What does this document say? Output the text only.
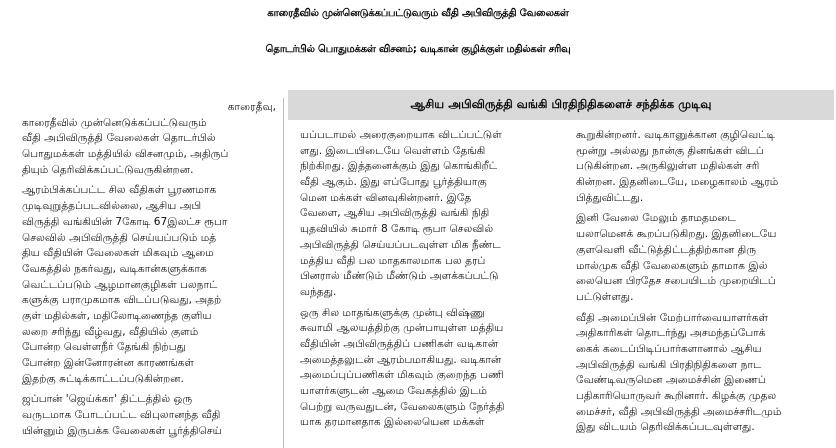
காரைதீவில் முன்னெடுக்கப்பட்டுவரும் வீதி அபிவிருத்தி வேலைகள்
தொடர்பில் பொதுமக்கள் விசனம்; வடிகான் குழிக்குள் மதில்கள் சரிவு
ஆசிய அபிவிருத்தி வங்கி பிரதிநிதிகளைச் சந்திக்க முடிவு
காரைதீவு,
காரைதீவில் முன்னெடுக்கப்பட்டுவரும்
வீதி அபிவிருத்தி வேலைகள் தொடர்பில்
பொதுமக்கள் மத்தியில் விசனமும், அதிருப்
தியும் தெரிவிக்கப்பட்டுவருகின்றன.
ஆரம்பிக்கப்பட்ட சில வீதிகள் பூரணமாக
முடிவுறுத்தப்படவில்லை, ஆசிய அபி
விருத்தி வங்கியின் 7கோடி 67இலட்ச ரூபா
செலவில் அபிவிருத்தி செய்யப்படும் மத்
திய வீதியின் வேலைகள் மிகவும் ஆமை
வேகத்தில் நகர்வது, வடிகான்களுக்காக
வெட்டப்படும் ஆழமானகுழிகள் பலநாட்
களுக்கு பராமுகமாக விடப்படுவது, அதற்
குள் மதில்கள், மதிலோடிணைந்த குளிய
லறை சரிந்து வீழ்வது, வீதியில் குளம்
போன்ற வெள்ளநீர் தேங்கி நிற்பது
போன்ற இன்னோரன்ன காரணங்கள்
இதற்கு சுட்டிக்காட்டப்படுகின்றன.
ஜப்பான் 'ஜெய்க்கா' திட்டத்தில் ஒரு
வருடமாக போடப்பட்ட விபுலானந்த வீதி
யின்னும் இருபக்க வேலைகள் பூர்த்திசெய்
யப்படாமல் அரைகுறையாக விடப்பட்டுள்
ளது. இடையிடையே வெள்ளம் தேங்கி
நிற்கிறது. இத்தனைக்கும் இது கொங்கிறீட்
வீதி ஆகும். இது எப்போது பூர்த்தியாகு
மென மக்கள் வினவுகின்றனர். இதே
வேளை, ஆசிய அபிவிருத்தி வங்கி நிதி
யுதவியில் சுமார் 8 கோடி ரூபா செலவில்
அபிவிருத்தி செய்யப்படவுள்ள மிக நீண்ட
மத்திய வீதி பல மாதகாலமாக பல தரப்
பினரால் மீண்டும் மீண்டும் அளக்கப்பட்டு
வந்தது.
ஒரு சில மாதங்களுக்கு முன்பு விஷ்ணு
சுவாமி ஆலயத்திற்கு முன்பாயுள்ள மத்திய
வீதியின் அபிவிருத்திப் பணிகள் வடிகான்
அமைத்தலுடன் ஆரம்பமாகியது. வடிகான்
அமைப்புப்பணிகள் மிகவும் குறைந்த பணி
யாளர்களுடன் ஆமை வேகத்தில் இடம்
பெற்று வருவதுடன், வேலைகளும் நேர்த்தி
யாக தரமானதாக இல்லையென மக்கள்
கூறுகின்றனர். வடிகானுக்கான குழிவெட்டி
மூன்று அல்லது நான்கு தினங்கள் விடப்
படுகின்றன. அருகிலுள்ள மதில்கள் சரி
கின்றன. இதனிடையே, மழைகாலம் ஆரம்
பித்துவிட்டது.
இனி வேலை மேலும் தாமதமடை
யலாமெனக் கூறப்படுகிறது. இதனிடையே
குளவெளி வீட்டுத்திட்டத்திற்கான திரு
மால்முக வீதி வேலைகளும் தாமாக இல்
லையென பிரதேச சபையிடம் முறையிடப்
பட்டுள்ளது.
வீதி அமைப்பின் மேற்பார்வையாளர்கள்
அதிகாரிகள் தொடர்ந்து அசமந்தப்போக்
கைக் கடைப்பிடிப்பார்களானால் ஆசிய
அபிவிருத்தி வங்கி பிரதிநிதிகளை நாட
வேண்டிவருமென அமைச்சின் இணைப்
பதிகாரியொருவர் கூறினார். கிழக்கு முதல
மைச்சர், வீதி அபிவிருத்தி அமைச்சரிடமும்
இது விடயம் தெரிவிக்கப்படவுள்ளது.
